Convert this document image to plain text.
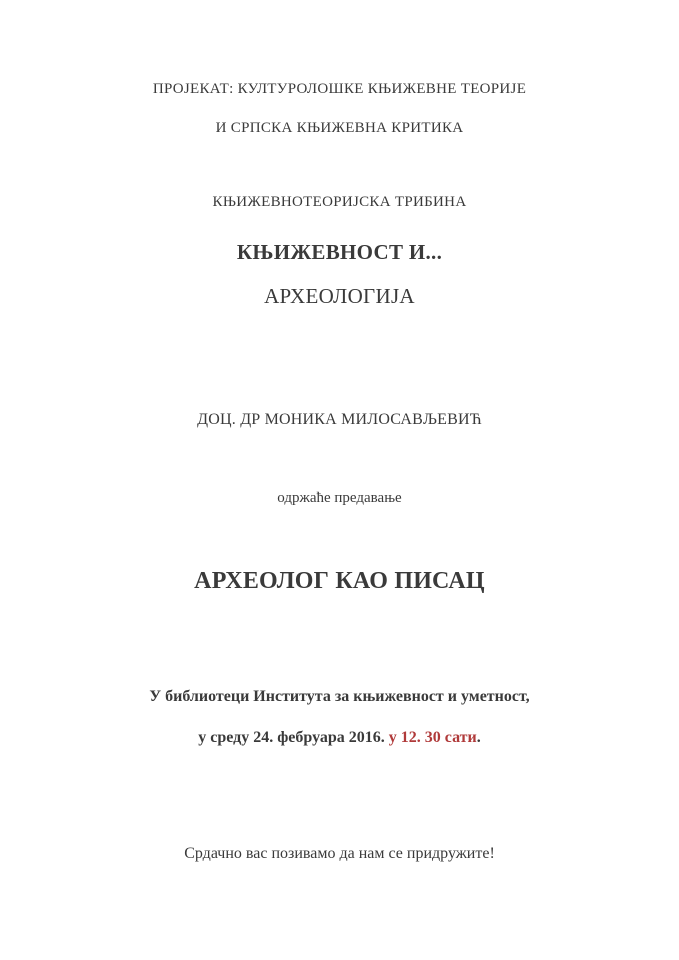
ПРОЈЕКАТ: КУЛТУРОЛОШКЕ КЊИЖЕВНЕ ТЕОРИЈЕ
И СРПСКА КЊИЖЕВНА КРИТИКА
КЊИЖЕВНОТЕОРИЈСКА ТРИБИНА
КЊИЖЕВНОСТ И...
АРХЕОЛОГИЈА
ДОЦ. ДР МОНИКА МИЛОСАВЉЕВИЋ
одржаће предавање
АРХЕОЛОГ КАО ПИСАЦ
У библиотеци Института за књижевност и уметност,
у среду 24. фебруара 2016. у 12. 30 сати.
Срдачно вас позивамо да нам се придружите!
